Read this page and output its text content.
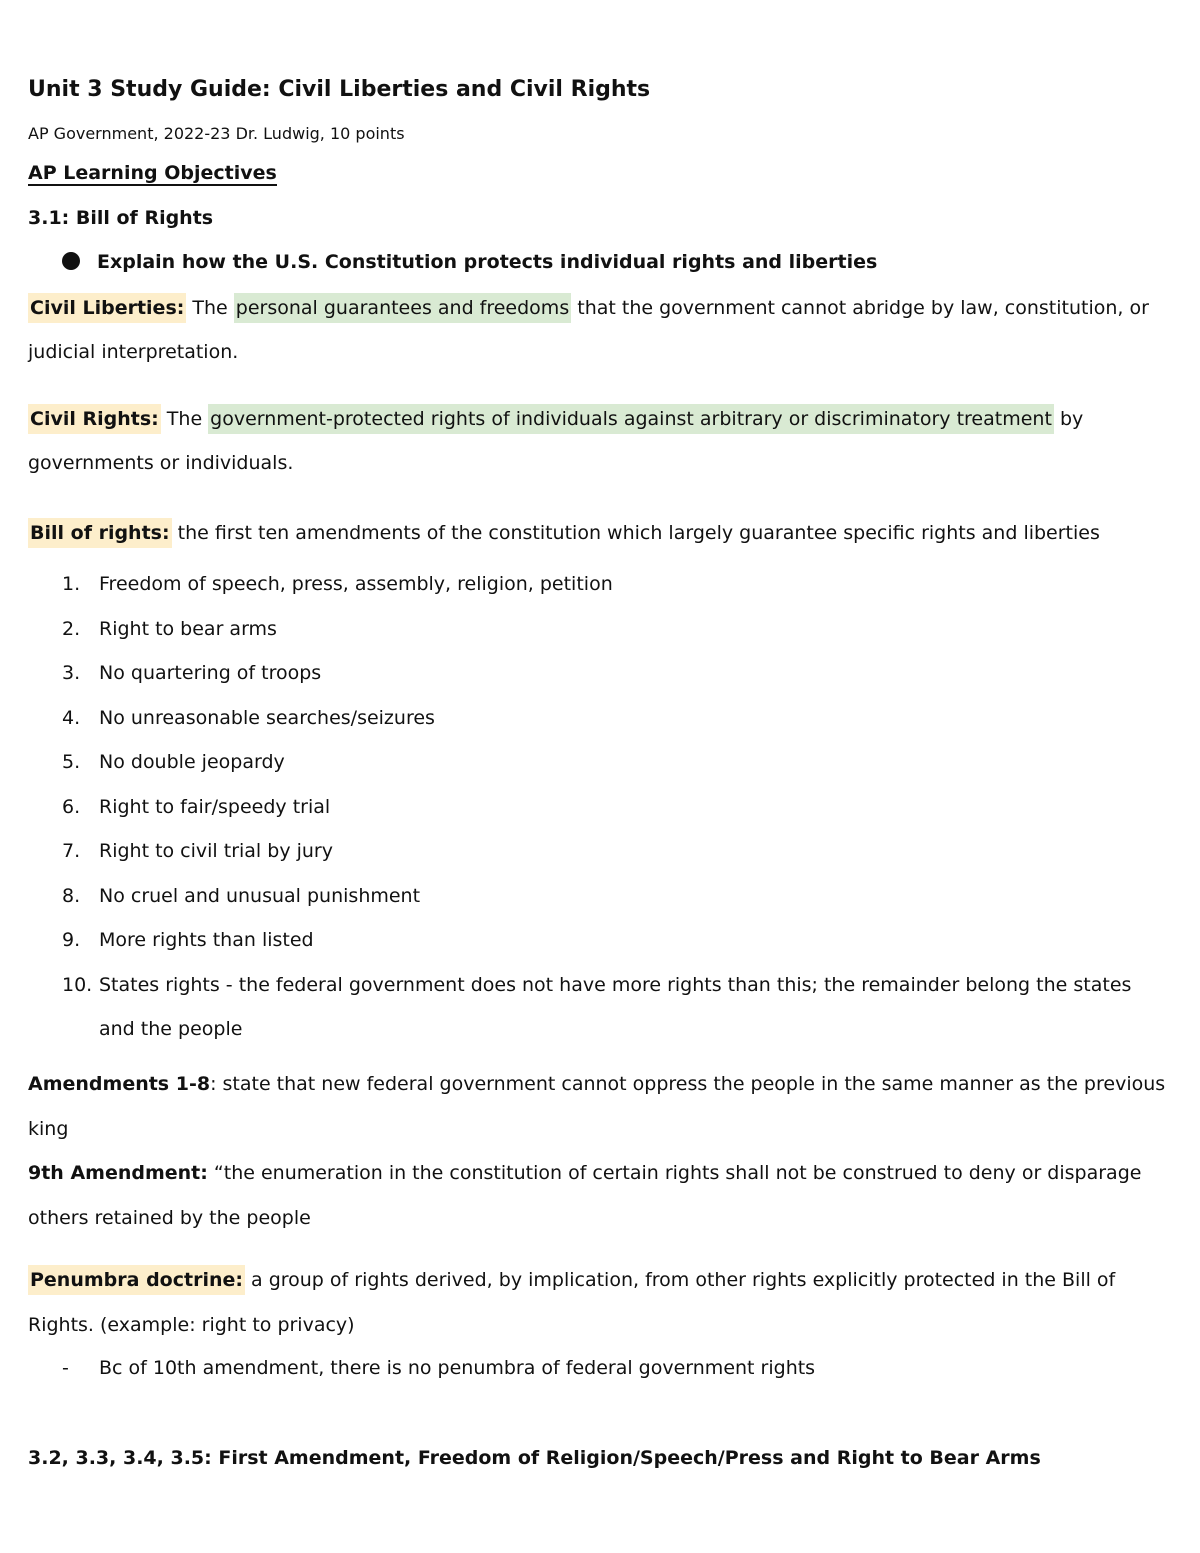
Unit 3 Study Guide: Civil Liberties and Civil Rights
AP Government, 2022-23 Dr. Ludwig, 10 points
AP Learning Objectives
3.1: Bill of Rights
Explain how the U.S. Constitution protects individual rights and liberties
Civil Liberties: The personal guarantees and freedoms that the government cannot abridge by law, constitution, or
judicial interpretation.
Civil Rights: The government-protected rights of individuals against arbitrary or discriminatory treatment by
governments or individuals.
Bill of rights: the first ten amendments of the constitution which largely guarantee specific rights and liberties
1. Freedom of speech, press, assembly, religion, petition
2. Right to bear arms
3. No quartering of troops
4. No unreasonable searches/seizures
5. No double jeopardy
6. Right to fair/speedy trial
7. Right to civil trial by jury
8. No cruel and unusual punishment
9. More rights than listed
10. States rights - the federal government does not have more rights than this; the remainder belong the states and the people
Amendments 1-8: state that new federal government cannot oppress the people in the same manner as the previous
king
9th Amendment: “the enumeration in the constitution of certain rights shall not be construed to deny or disparage
others retained by the people
Penumbra doctrine: a group of rights derived, by implication, from other rights explicitly protected in the Bill of
Rights. (example: right to privacy)
- Bc of 10th amendment, there is no penumbra of federal government rights
3.2, 3.3, 3.4, 3.5: First Amendment, Freedom of Religion/Speech/Press and Right to Bear Arms
